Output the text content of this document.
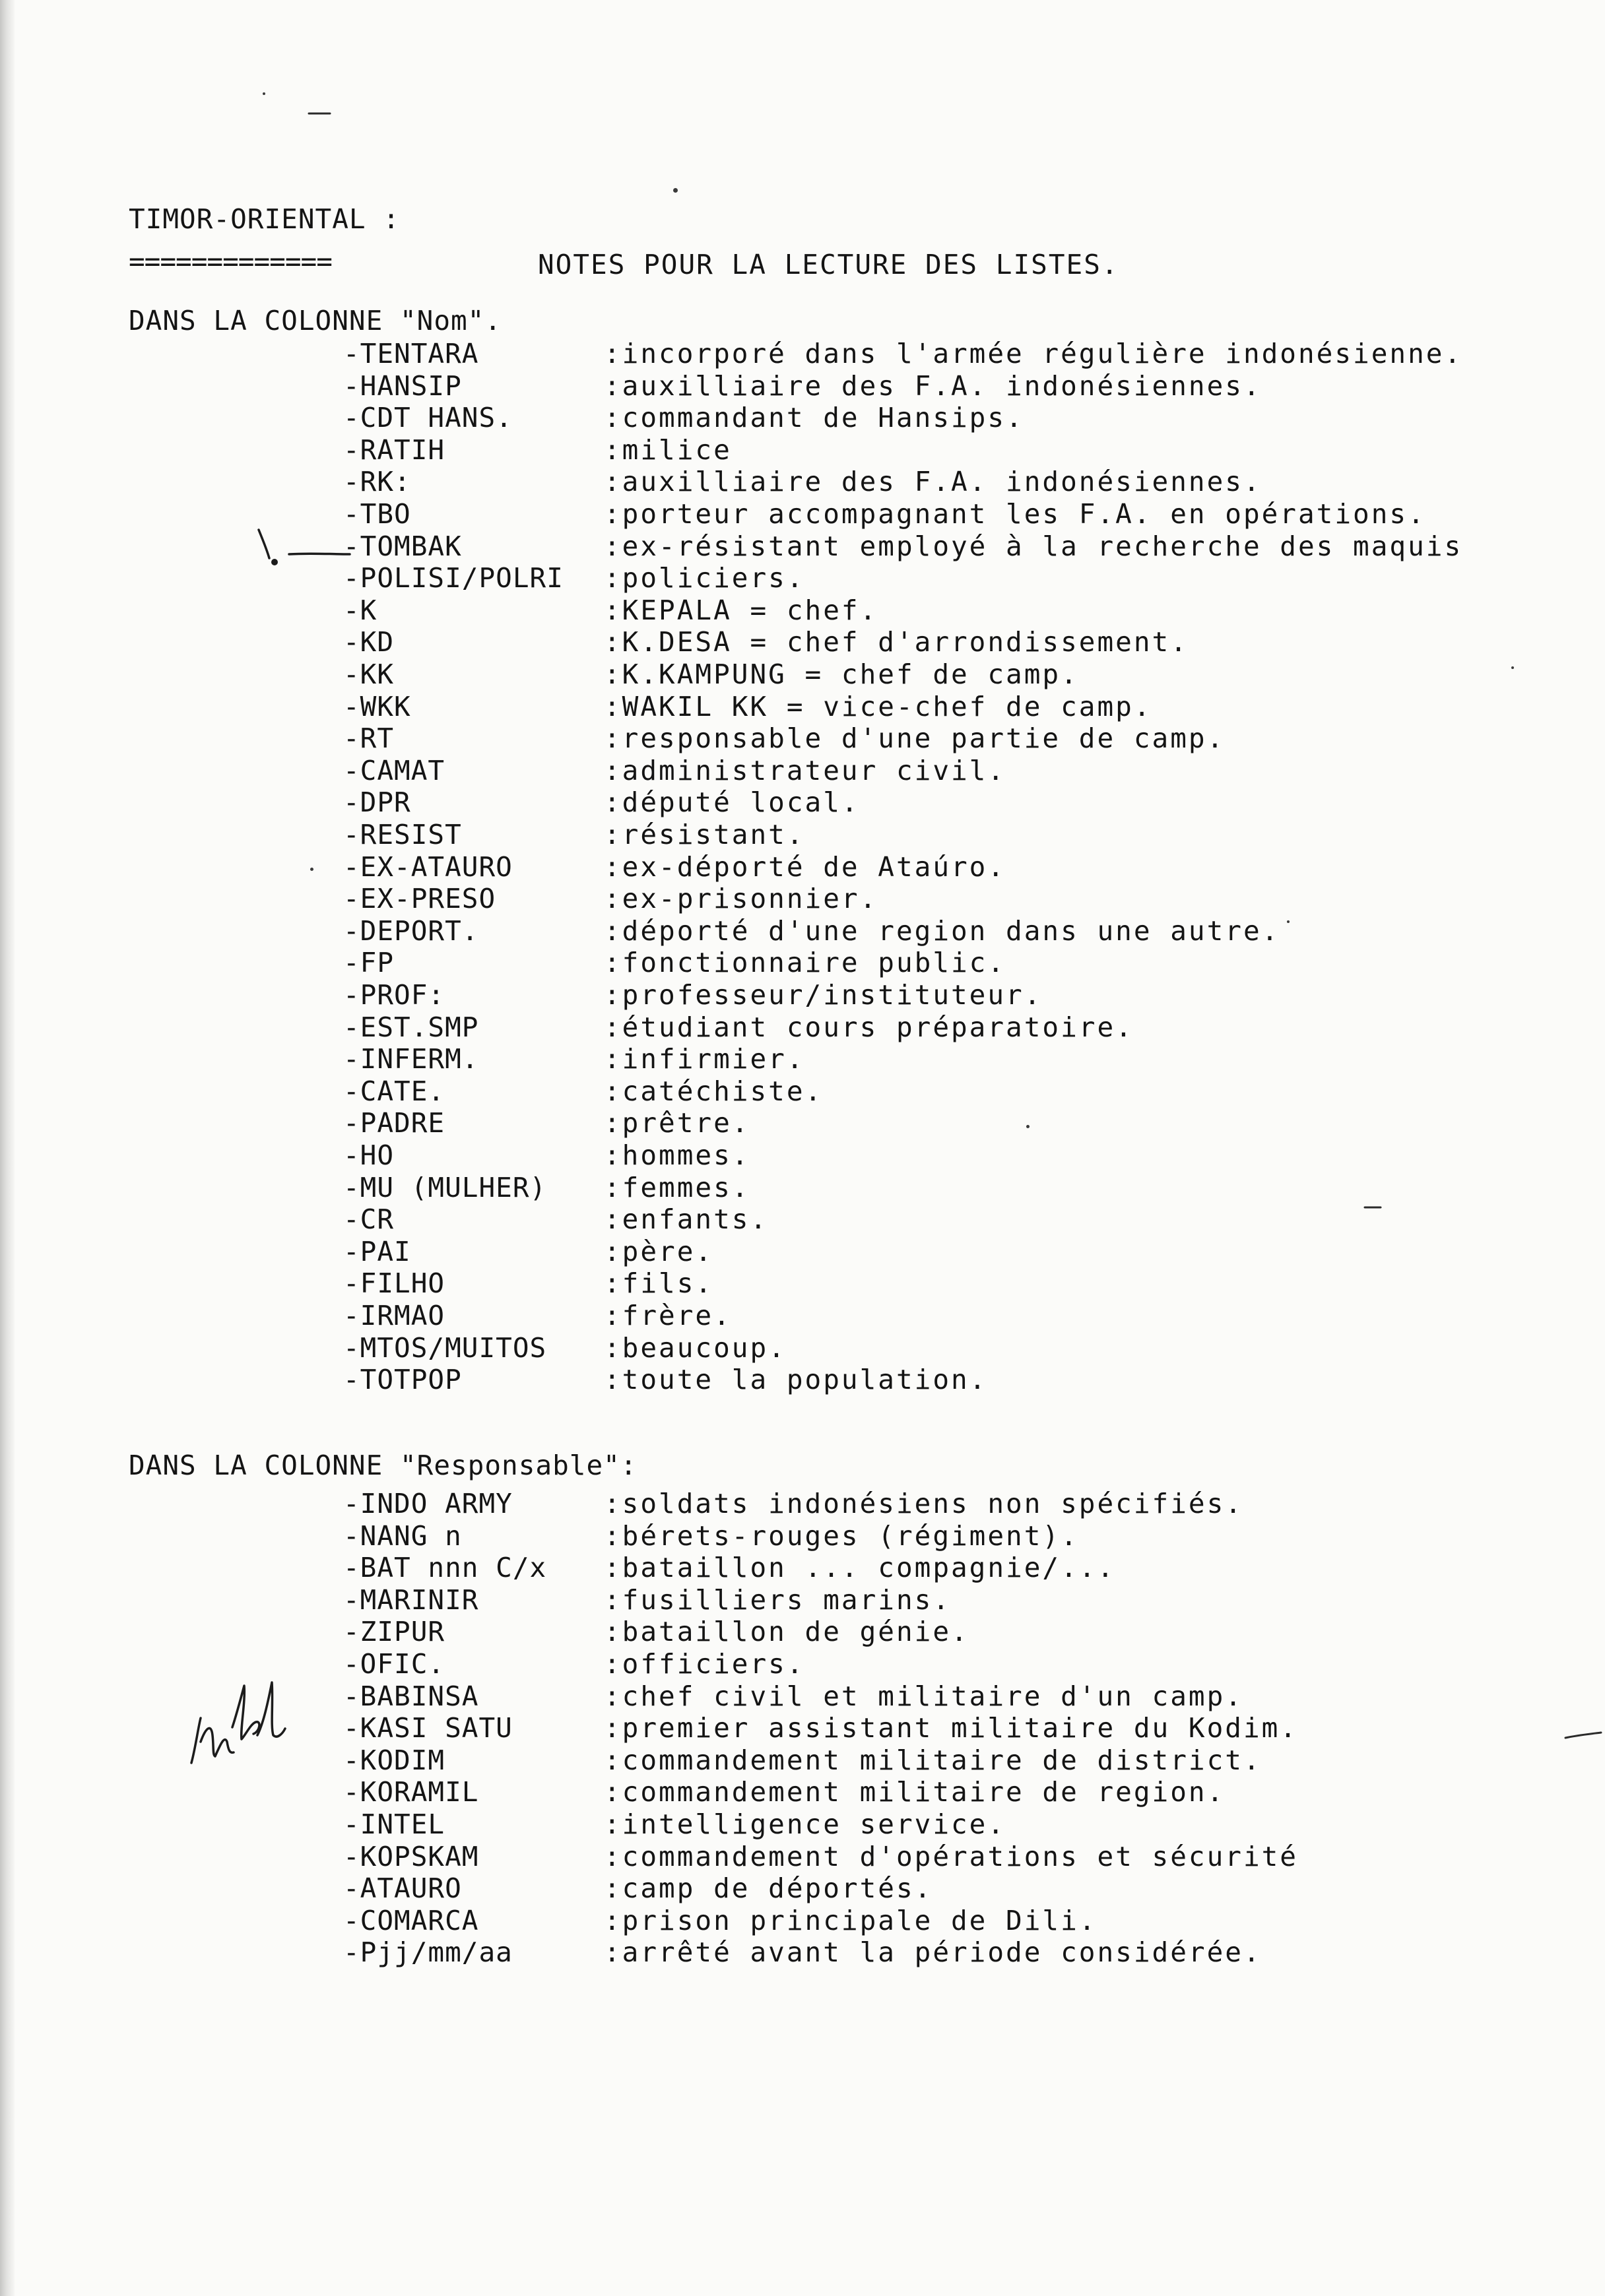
TIMOR-ORIENTAL :
=============	NOTES POUR LA LECTURE DES LISTES.
DANS LA COLONNE "Nom".
-TENTARA	:incorporé dans l'armée régulière indonésienne.
-HANSIP	:auxilliaire des F.A. indonésiennes.
-CDT HANS.	:commandant de Hansips.
-RATIH	:milice
-RK:	:auxilliaire des F.A. indonésiennes.
-TBO	:porteur accompagnant les F.A. en opérations.
-TOMBAK	:ex-résistant employé à la recherche des maquis
-POLISI/POLRI :policiers.
-K	:KEPALA = chef.
-KD	:K.DESA = chef d'arrondissement.
-KK	:K.KAMPUNG = chef de camp.
-WKK	:WAKIL KK = vice-chef de camp.
-RT	:responsable d'une partie de camp.
-CAMAT	:administrateur civil.
-DPR	:député local.
-RESIST	:résistant.
-EX-ATAURO	:ex-déporté de Ataúro.
-EX-PRESO	:ex-prisonnier.
-DEPORT.	:déporté d'une region dans une autre.
-FP	:fonctionnaire public.
-PROF:	:professeur/instituteur.
-EST.SMP	:étudiant cours préparatoire.
-INFERM.	:infirmier.
-CATE.	:catéchiste.
-PADRE	:prêtre.
-HO	:hommes.
-MU (MULHER) :femmes.
-CR	:enfants.
-PAI	:père.
-FILHO	:fils.
-IRMAO	:frère.
-MTOS/MUITOS :beaucoup.
-TOTPOP	:toute la population.
DANS LA COLONNE "Responsable":
-INDO ARMY	:soldats indonésiens non spécifiés.
-NANG n	:bérets-rouges (régiment).
-BAT nnn C/x :bataillon ... compagnie/...
-MARINIR	:fusilliers marins.
-ZIPUR	:bataillon de génie.
-OFIC.	:officiers.
-BABINSA	:chef civil et militaire d'un camp.
-KASI SATU	:premier assistant militaire du Kodim.
-KODIM	:commandement militaire de district.
-KORAMIL	:commandement militaire de region.
-INTEL	:intelligence service.
-KOPSKAM	:commandement d'opérations et sécurité
-ATAURO	:camp de déportés.
-COMARCA	:prison principale de Dili.
-Pjj/mm/aa	:arrêté avant la période considérée.
intel
